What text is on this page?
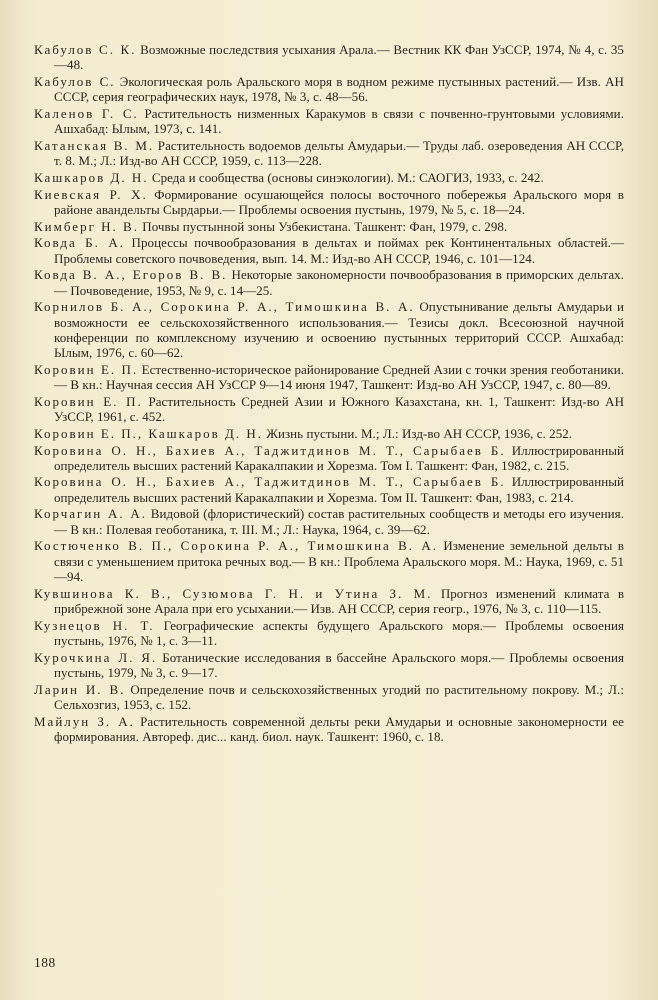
Кабулов С. К. Возможные последствия усыхания Арала.— Вестник КК Фан УзССР, 1974, № 4, с. 35—48.
Кабулов С. Экологическая роль Аральского моря в водном режиме пустынных растений.— Изв. АН СССР, серия географических наук, 1978, № 3, с. 48—56.
Каленов Г. С. Растительность низменных Каракумов в связи с почвенно-грунтовыми условиями. Ашхабад: Ылым, 1973, с. 141.
Катанская В. М. Растительность водоемов дельты Амударьи.— Труды лаб. озероведения АН СССР, т. 8. М.; Л.: Изд-во АН СССР, 1959, с. 113—228.
Кашкаров Д. Н. Среда и сообщества (основы синэкологии). М.: САОГИЗ, 1933, с. 242.
Киевская Р. Х. Формирование осушающейся полосы восточного побережья Аральского моря в районе авандельты Сырдарьи.— Проблемы освоения пустынь, 1979, № 5, с. 18—24.
Кимберг Н. В. Почвы пустынной зоны Узбекистана. Ташкент: Фан, 1979, с. 298.
Ковда Б. А. Процессы почвообразования в дельтах и поймах рек Континентальных областей.— Проблемы советского почвоведения, вып. 14. М.: Изд-во АН СССР, 1946, с. 101—124.
Ковда В. А., Егоров В. В. Некоторые закономерности почвообразования в приморских дельтах.— Почвоведение, 1953, № 9, с. 14—25.
Корнилов Б. А., Сорокина Р. А., Тимошкина В. А. Опустынивание дельты Амударьи и возможности ее сельскохозяйственного использования.— Тезисы докл. Всесоюзной научной конференции по комплексному изучению и освоению пустынных территорий СССР. Ашхабад: Ылым, 1976, с. 60—62.
Коровин Е. П. Естественно-историческое районирование Средней Азии с точки зрения геоботаники.— В кн.: Научная сессия АН УзССР 9—14 июня 1947, Ташкент: Изд-во АН УзССР, 1947, с. 80—89.
Коровин Е. П. Растительность Средней Азии и Южного Казахстана, кн. 1, Ташкент: Изд-во АН УзССР, 1961, с. 452.
Коровин Е. П., Кашкаров Д. Н. Жизнь пустыни. М.; Л.: Изд-во АН СССР, 1936, с. 252.
Коровина О. Н., Бахиев А., Таджитдинов М. Т., Сарыбаев Б. Иллюстрированный определитель высших растений Каракалпакии и Хорезма. Том I. Ташкент: Фан, 1982, с. 215.
Коровина О. Н., Бахиев А., Таджитдинов М. Т., Сарыбаев Б. Иллюстрированный определитель высших растений Каракалпакии и Хорезма. Том II. Ташкент: Фан, 1983, с. 214.
Корчагин А. А. Видовой (флористический) состав растительных сообществ и методы его изучения.— В кн.: Полевая геоботаника, т. III. М.; Л.: Наука, 1964, с. 39—62.
Костюченко В. П., Сорокина Р. А., Тимошкина В. А. Изменение земельной дельты в связи с уменьшением притока речных вод.— В кн.: Проблема Аральского моря. М.: Наука, 1969, с. 51—94.
Кувшинова К. В., Сузюмова Г. Н. и Утина З. М. Прогноз изменений климата в прибрежной зоне Арала при его усыхании.— Изв. АН СССР, серия геогр., 1976, № 3, с. 110—115.
Кузнецов Н. Т. Географические аспекты будущего Аральского моря.— Проблемы освоения пустынь, 1976, № 1, с. 3—11.
Курочкина Л. Я. Ботанические исследования в бассейне Аральского моря.— Проблемы освоения пустынь, 1979, № 3, с. 9—17.
Ларин И. В. Определение почв и сельскохозяйственных угодий по растительному покрову. М.; Л.: Сельхозгиз, 1953, с. 152.
Майлун З. А. Растительность современной дельты реки Амударьи и основные закономерности ее формирования. Автореф. дис... канд. биол. наук. Ташкент: 1960, с. 18.
188
